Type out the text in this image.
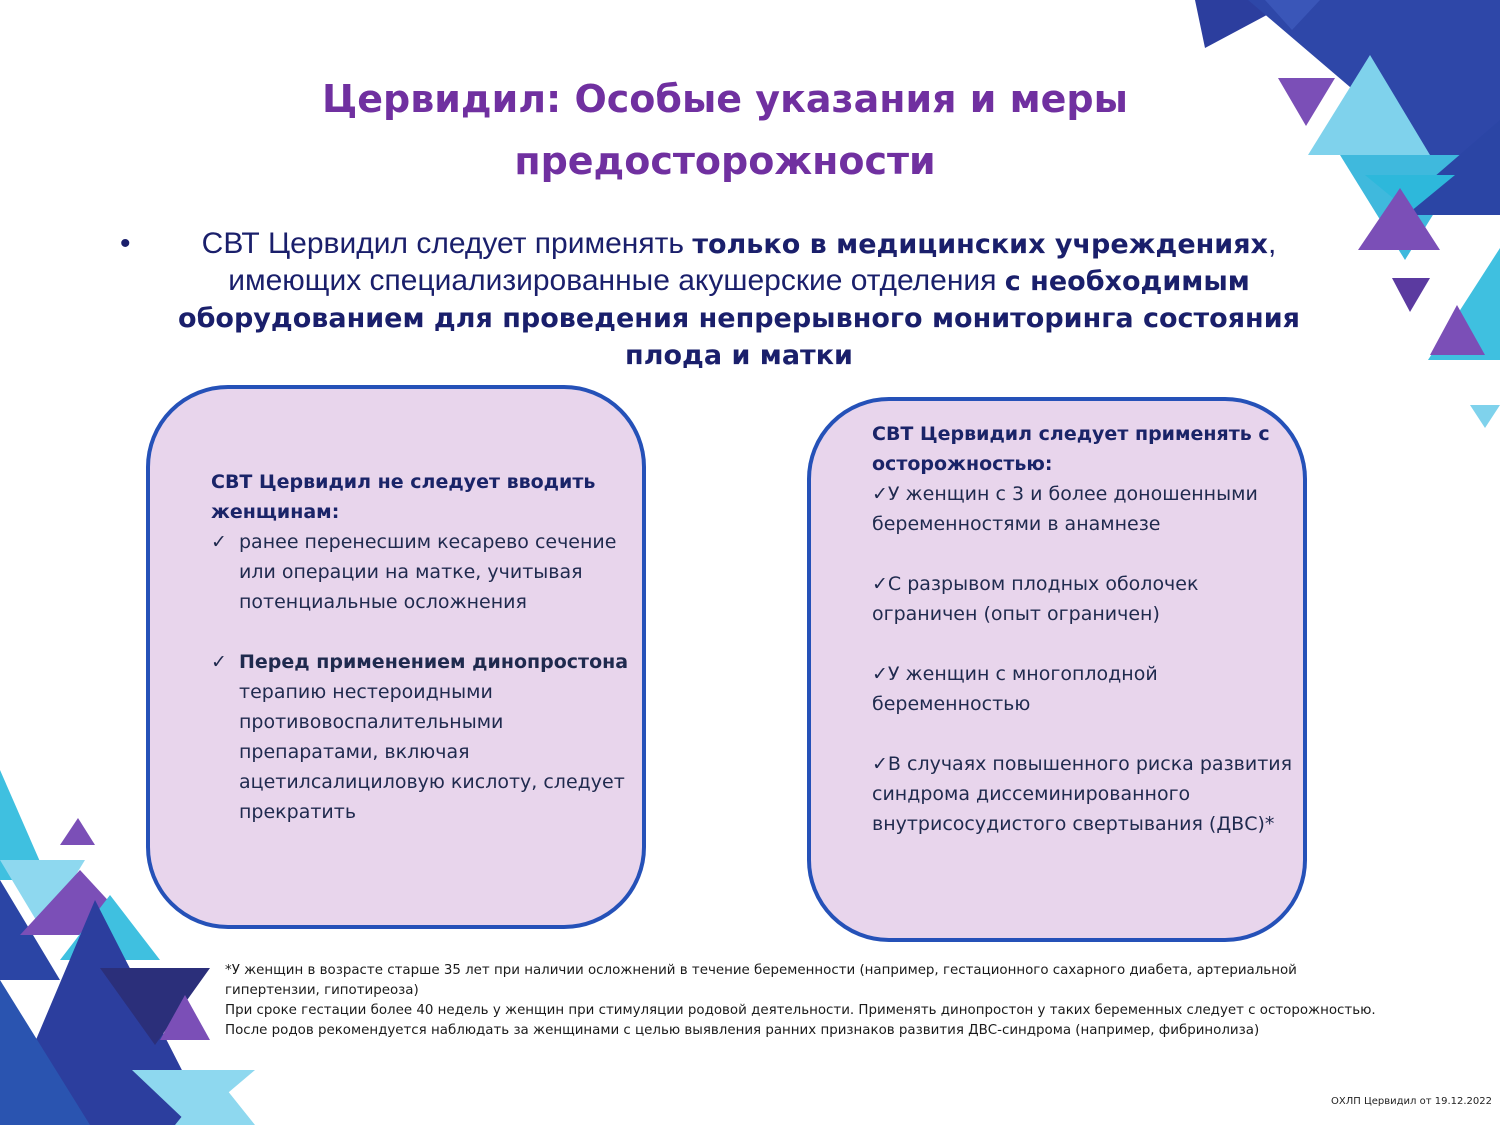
Цервидил: Особые указания и меры предосторожности
•	СВТ Цервидил следует применять только в медицинских учреждениях, имеющих специализированные акушерские отделения с необходимым оборудованием для проведения непрерывного мониторинга состояния плода и матки
СВТ Цервидил не следует вводить женщинам:

✓ ранее перенесшим кесарево сечение или операции на матке, учитывая потенциальные осложнения

✓ Перед применением динопростона терапию нестероидными противовоспалительными препаратами, включая ацетилсалициловую кислоту, следует прекратить

СВТ Цервидил следует применять с осторожностью:

✓У женщин с 3 и более доношенными беременностями в анамнезе

✓С разрывом плодных оболочек ограничен (опыт ограничен)

✓У женщин с многоплодной беременностью

✓В случаях повышенного риска развития синдрома диссеминированного внутрисосудистого свертывания (ДВС)*

*У женщин в возрасте старше 35 лет при наличии осложнений в течение беременности (например, гестационного сахарного диабета, артериальной гипертензии, гипотиреоза)

При сроке гестации более 40 недель у женщин при стимуляции родовой деятельности. Применять динопростон у таких беременных следует с осторожностью.

После родов рекомендуется наблюдать за женщинами с целью выявления ранних признаков развития ДВС-синдрома (например, фибринолиза)

ОХЛП Цервидил от 19.12.2022
